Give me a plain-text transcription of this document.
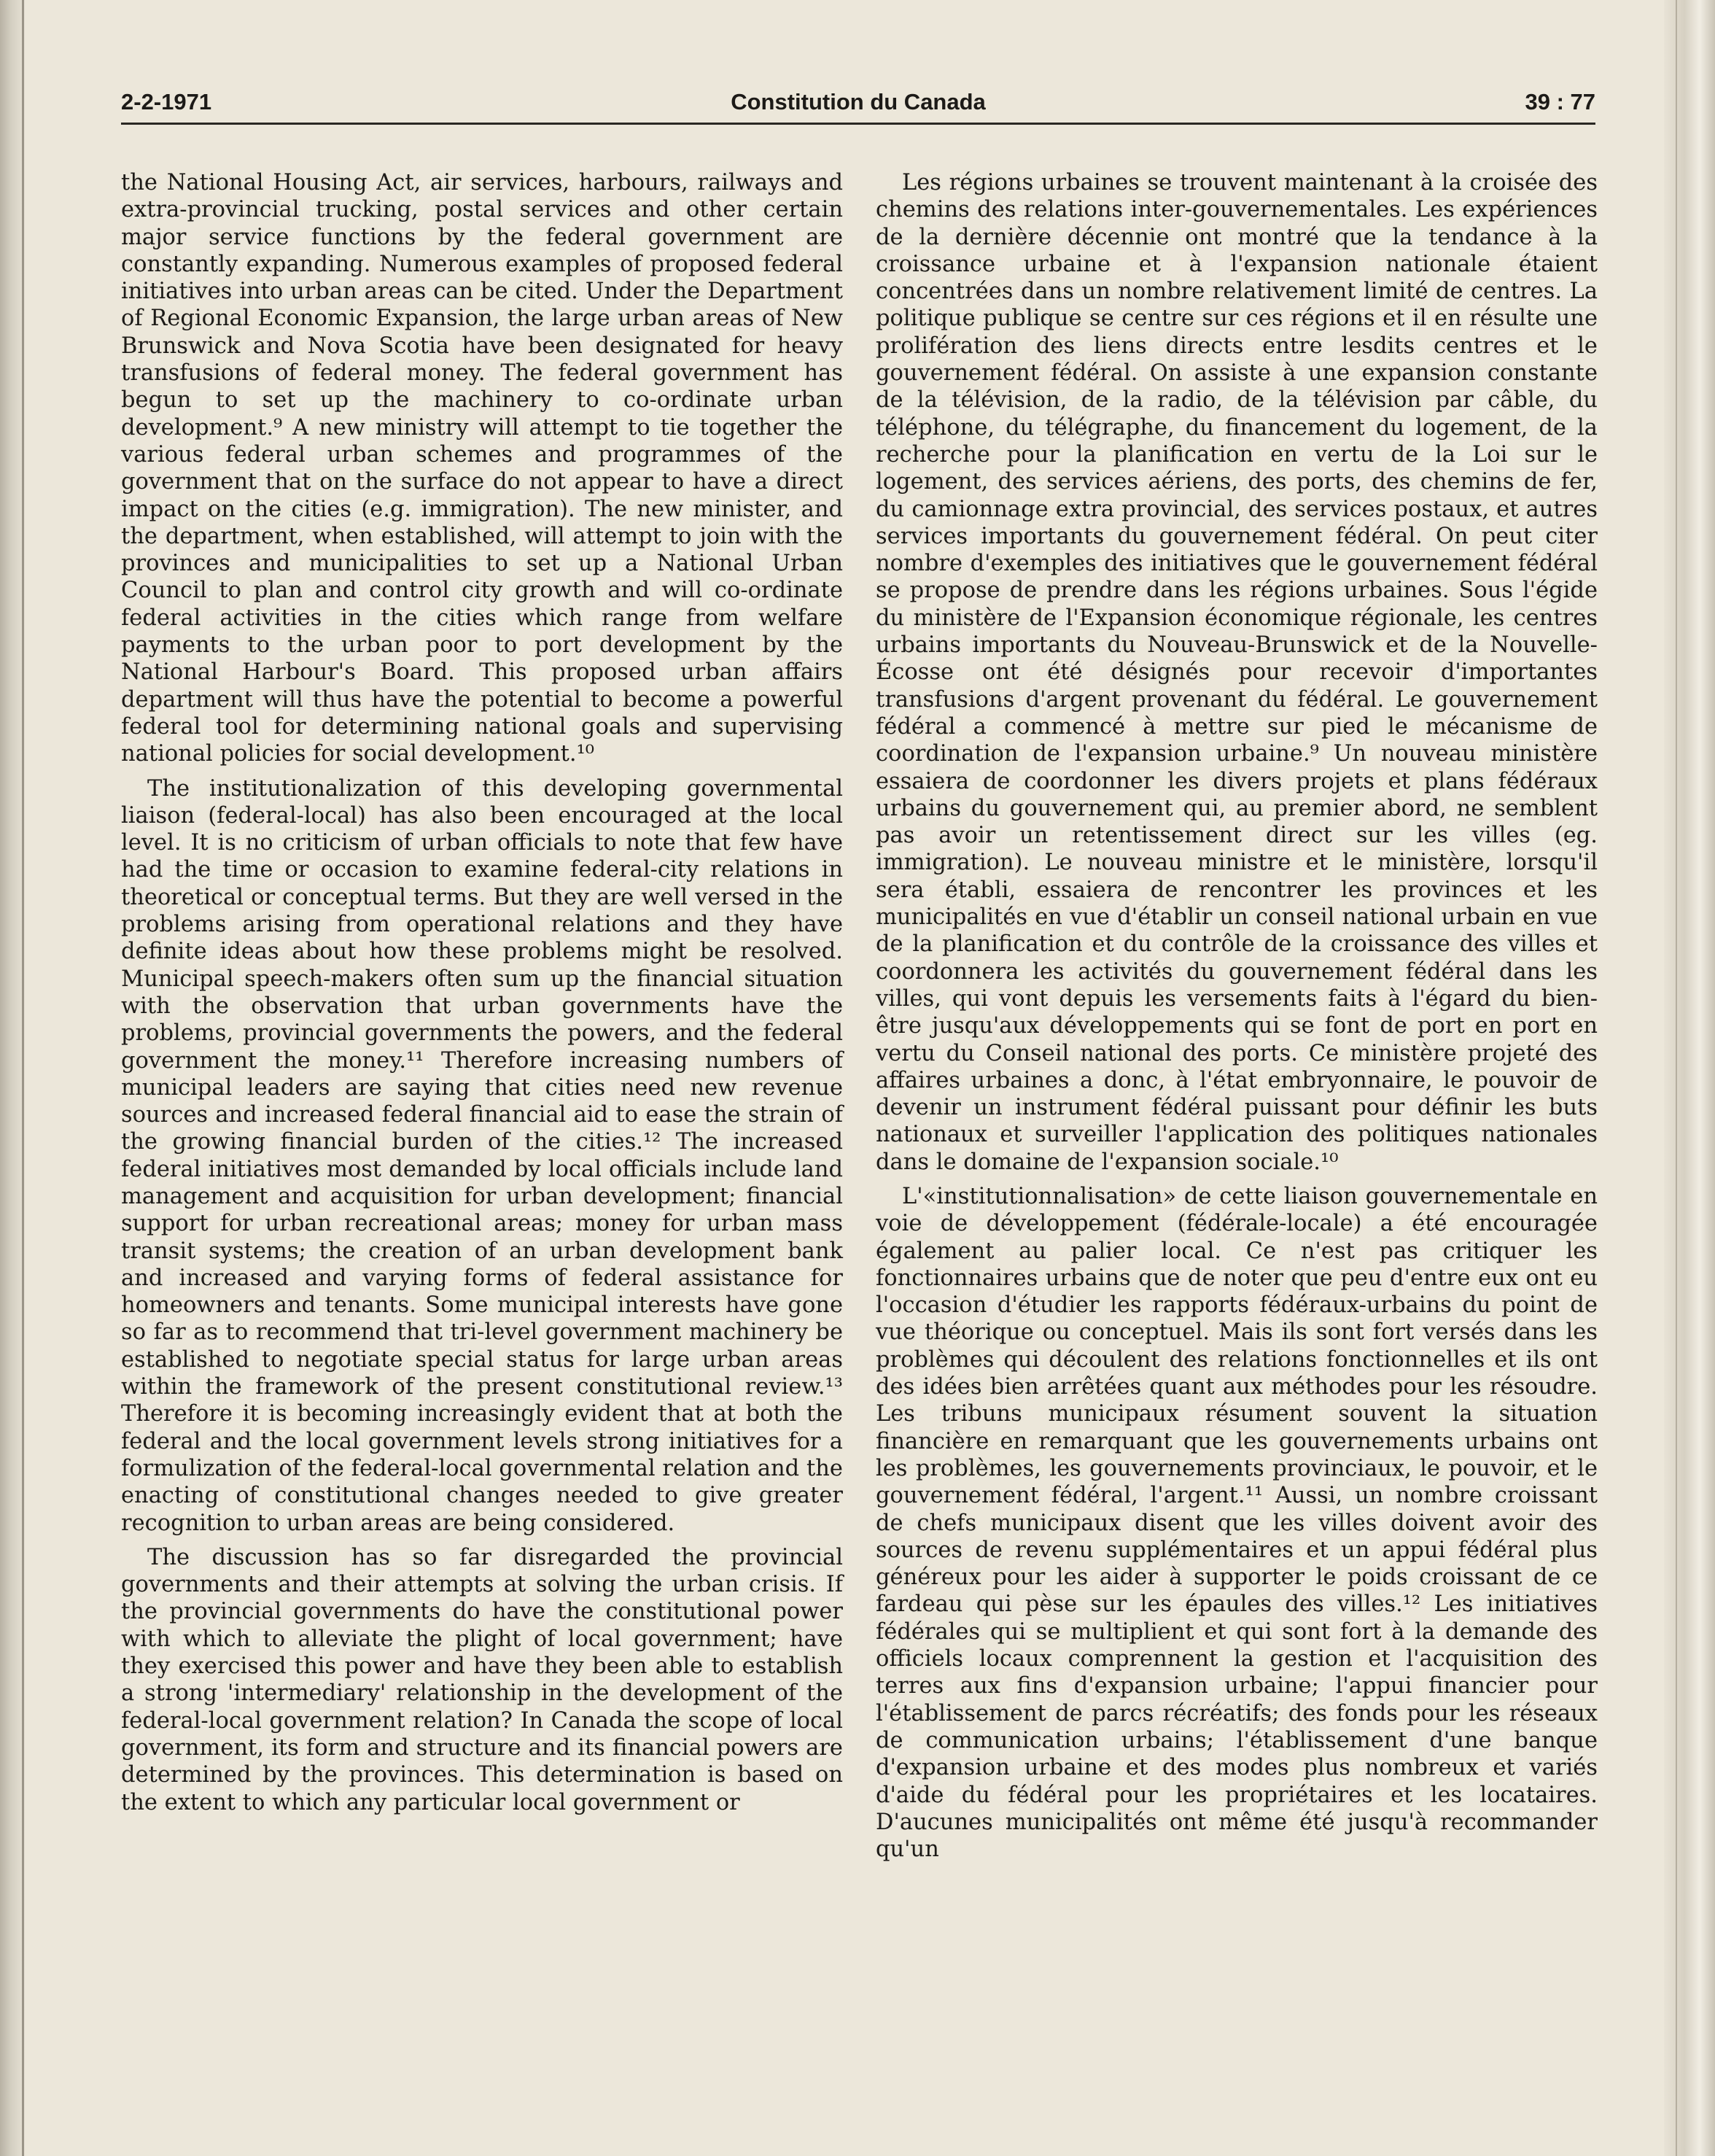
2-2-1971	Constitution du Canada	39 : 77

the National Housing Act, air services, harbours, railways and extra-provincial trucking, postal services and other certain major service functions by the federal government are constantly expanding. Numerous examples of proposed federal initiatives into urban areas can be cited. Under the Department of Regional Economic Expansion, the large urban areas of New Brunswick and Nova Scotia have been designated for heavy transfusions of federal money. The federal government has begun to set up the machinery to co-ordinate urban development.⁹ A new ministry will attempt to tie together the various federal urban schemes and programmes of the government that on the surface do not appear to have a direct impact on the cities (e.g. immigration). The new minister, and the department, when established, will attempt to join with the provinces and municipalities to set up a National Urban Council to plan and control city growth and will co-ordinate federal activities in the cities which range from welfare payments to the urban poor to port development by the National Harbour's Board. This proposed urban affairs department will thus have the potential to become a powerful federal tool for determining national goals and supervising national policies for social development.¹⁰

The institutionalization of this developing governmental liaison (federal-local) has also been encouraged at the local level. It is no criticism of urban officials to note that few have had the time or occasion to examine federal-city relations in theoretical or conceptual terms. But they are well versed in the problems arising from operational relations and they have definite ideas about how these problems might be resolved. Municipal speech-makers often sum up the financial situation with the observation that urban governments have the problems, provincial governments the powers, and the federal government the money.¹¹ Therefore increasing numbers of municipal leaders are saying that cities need new revenue sources and increased federal financial aid to ease the strain of the growing financial burden of the cities.¹² The increased federal initiatives most demanded by local officials include land management and acquisition for urban development; financial support for urban recreational areas; money for urban mass transit systems; the creation of an urban development bank and increased and varying forms of federal assistance for homeowners and tenants. Some municipal interests have gone so far as to recommend that tri-level government machinery be established to negotiate special status for large urban areas within the framework of the present constitutional review.¹³ Therefore it is becoming increasingly evident that at both the federal and the local government levels strong initiatives for a formulization of the federal-local governmental relation and the enacting of constitutional changes needed to give greater recognition to urban areas are being considered.

The discussion has so far disregarded the provincial governments and their attempts at solving the urban crisis. If the provincial governments do have the constitutional power with which to alleviate the plight of local government; have they exercised this power and have they been able to establish a strong 'intermediary' relationship in the development of the federal-local government relation? In Canada the scope of local government, its form and structure and its financial powers are determined by the provinces. This determination is based on the extent to which any particular local government or

Les régions urbaines se trouvent maintenant à la croisée des chemins des relations inter-gouvernementales. Les expériences de la dernière décennie ont montré que la tendance à la croissance urbaine et à l'expansion nationale étaient concentrées dans un nombre relativement limité de centres. La politique publique se centre sur ces régions et il en résulte une prolifération des liens directs entre lesdits centres et le gouvernement fédéral. On assiste à une expansion constante de la télévision, de la radio, de la télévision par câble, du téléphone, du télégraphe, du financement du logement, de la recherche pour la planification en vertu de la Loi sur le logement, des services aériens, des ports, des chemins de fer, du camionnage extra provincial, des services postaux, et autres services importants du gouvernement fédéral. On peut citer nombre d'exemples des initiatives que le gouvernement fédéral se propose de prendre dans les régions urbaines. Sous l'égide du ministère de l'Expansion économique régionale, les centres urbains importants du Nouveau-Brunswick et de la Nouvelle-Écosse ont été désignés pour recevoir d'importantes transfusions d'argent provenant du fédéral. Le gouvernement fédéral a commencé à mettre sur pied le mécanisme de coordination de l'expansion urbaine.⁹ Un nouveau ministère essaiera de coordonner les divers projets et plans fédéraux urbains du gouvernement qui, au premier abord, ne semblent pas avoir un retentissement direct sur les villes (eg. immigration). Le nouveau ministre et le ministère, lorsqu'il sera établi, essaiera de rencontrer les provinces et les municipalités en vue d'établir un conseil national urbain en vue de la planification et du contrôle de la croissance des villes et coordonnera les activités du gouvernement fédéral dans les villes, qui vont depuis les versements faits à l'égard du bien-être jusqu'aux développements qui se font de port en port en vertu du Conseil national des ports. Ce ministère projeté des affaires urbaines a donc, à l'état embryonnaire, le pouvoir de devenir un instrument fédéral puissant pour définir les buts nationaux et surveiller l'application des politiques nationales dans le domaine de l'expansion sociale.¹⁰

L'«institutionnalisation» de cette liaison gouvernementale en voie de développement (fédérale-locale) a été encouragée également au palier local. Ce n'est pas critiquer les fonctionnaires urbains que de noter que peu d'entre eux ont eu l'occasion d'étudier les rapports fédéraux-urbains du point de vue théorique ou conceptuel. Mais ils sont fort versés dans les problèmes qui découlent des relations fonctionnelles et ils ont des idées bien arrêtées quant aux méthodes pour les résoudre. Les tribuns municipaux résument souvent la situation financière en remarquant que les gouvernements urbains ont les problèmes, les gouvernements provinciaux, le pouvoir, et le gouvernement fédéral, l'argent.¹¹ Aussi, un nombre croissant de chefs municipaux disent que les villes doivent avoir des sources de revenu supplémentaires et un appui fédéral plus généreux pour les aider à supporter le poids croissant de ce fardeau qui pèse sur les épaules des villes.¹² Les initiatives fédérales qui se multiplient et qui sont fort à la demande des officiels locaux comprennent la gestion et l'acquisition des terres aux fins d'expansion urbaine; l'appui financier pour l'établissement de parcs récréatifs; des fonds pour les réseaux de communication urbains; l'établissement d'une banque d'expansion urbaine et des modes plus nombreux et variés d'aide du fédéral pour les propriétaires et les locataires. D'aucunes municipalités ont même été jusqu'à recommander qu'un
